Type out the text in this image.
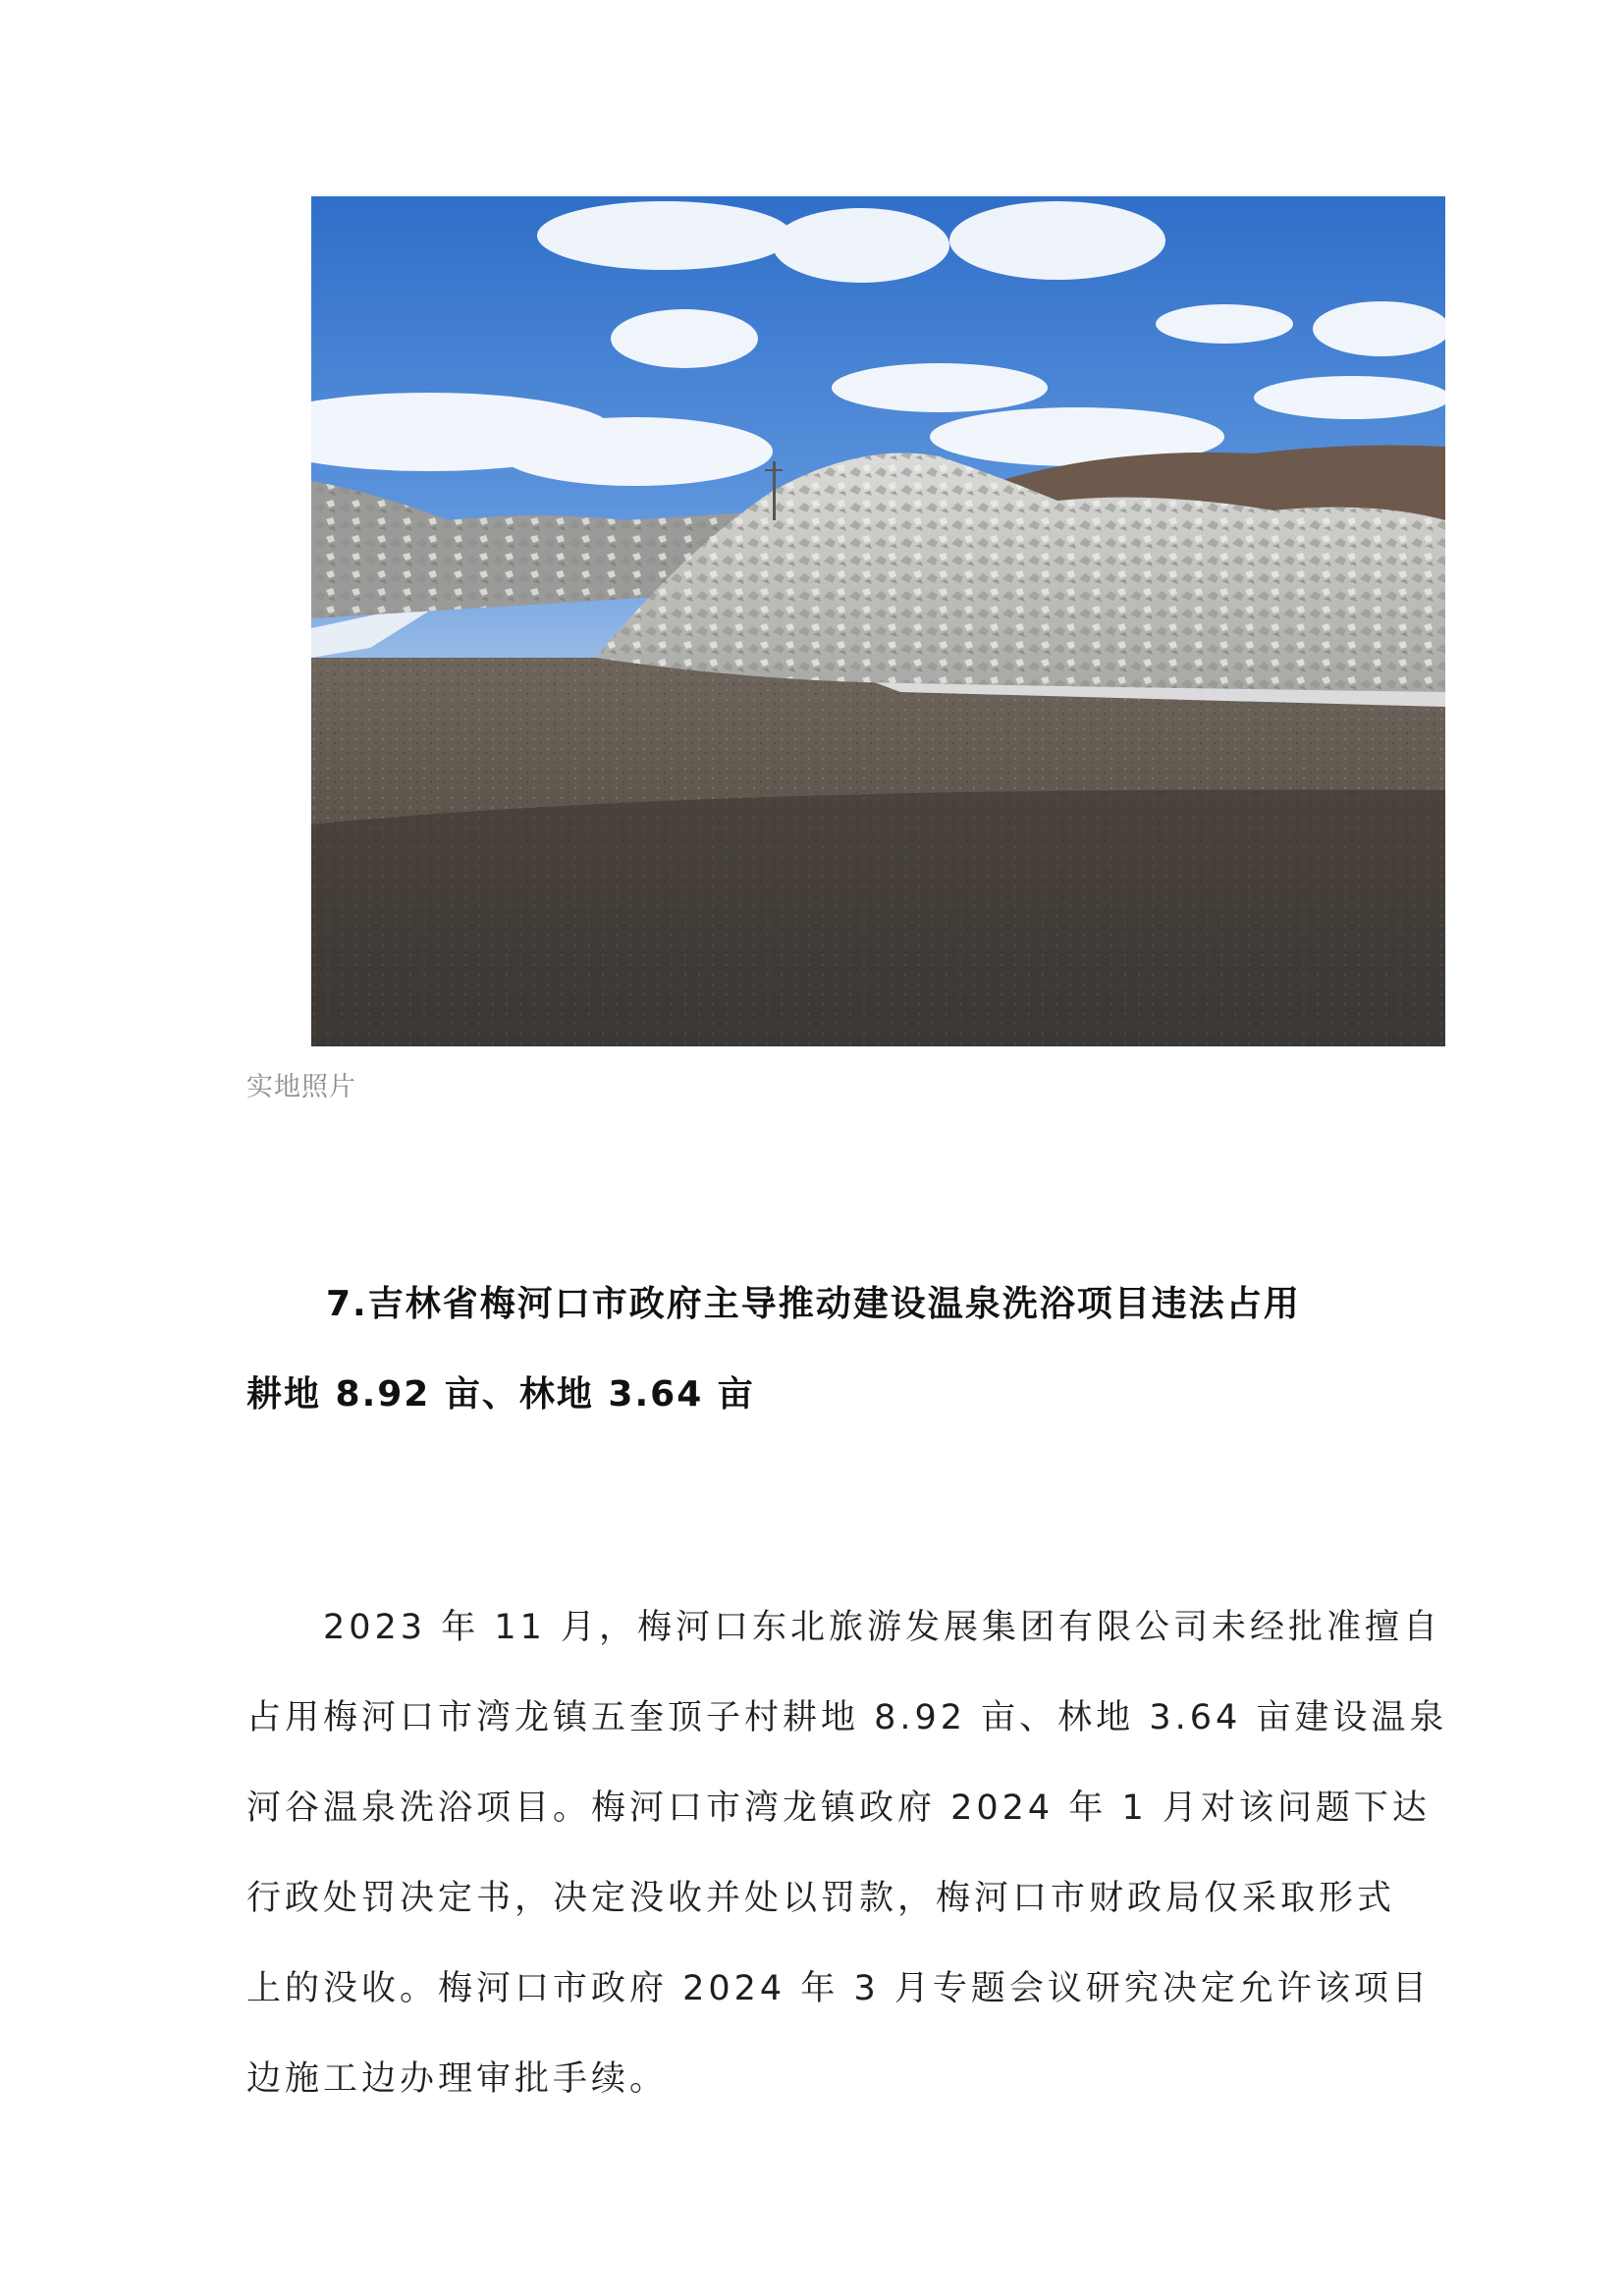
实地照片
7.吉林省梅河口市政府主导推动建设温泉洗浴项目违法占用
耕地 8.92 亩、林地 3.64 亩
2023 年 11 月，梅河口东北旅游发展集团有限公司未经批准擅自
占用梅河口市湾龙镇五奎顶子村耕地 8.92 亩、林地 3.64 亩建设温泉
河谷温泉洗浴项目。梅河口市湾龙镇政府 2024 年 1 月对该问题下达
行政处罚决定书，决定没收并处以罚款，梅河口市财政局仅采取形式
上的没收。梅河口市政府 2024 年 3 月专题会议研究决定允许该项目
边施工边办理审批手续。
